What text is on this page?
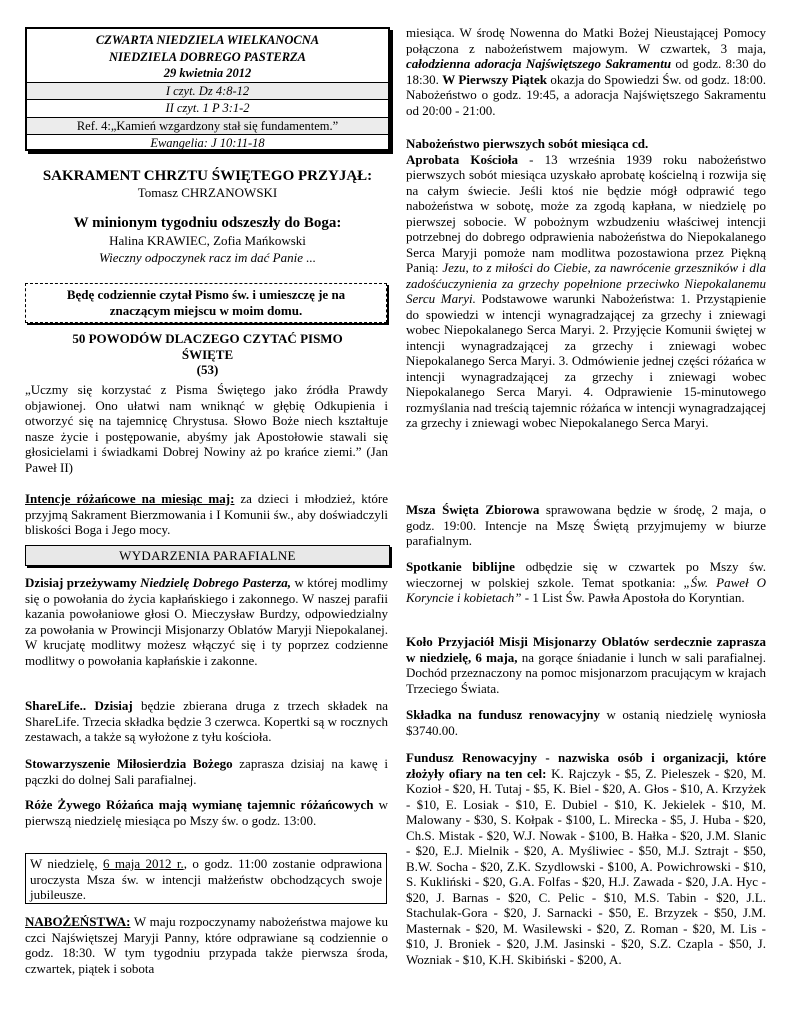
CZWARTA NIEDZIELA WIELKANOCNA
NIEDZIELA DOBREGO PASTERZA
29 kwietnia 2012
I czyt. Dz 4:8-12
II czyt. 1 P 3:1-2
Ref. 4:„Kamień wzgardzony stał się fundamentem.”
Ewangelia: J 10:11-18
SAKRAMENT CHRZTU ŚWIĘTEGO PRZYJĄŁ:
Tomasz CHRZANOWSKI
W minionym tygodniu odszeszły do Boga:
Halina KRAWIEC, Zofia Mańkowski
Wieczny odpoczynek racz im dać Panie ...
Będę codziennie czytał Pismo św. i umieszczę je na
znaczącym miejscu w moim domu.
50 POWODÓW DLACZEGO CZYTAĆ PISMO
ŚWIĘTE
(53)

„Uczmy się korzystać z Pisma Świętego jako źródła Prawdy objawionej. Ono ułatwi nam wniknąć w głębię Odkupienia i otworzyć się na tajemnicę Chrystusa. Słowo Boże niech kształtuje nasze życie i postępowanie, abyśmy jak Apostołowie stawali się głosicielami i świadkami Dobrej Nowiny aż po krańce ziemi.” (Jan Paweł II)

Intencje różańcowe na miesiąc maj: za dzieci i młodzież, które przyjmą Sakrament Bierzmowania i I Komunii św., aby doświadczyli bliskości Boga i Jego mocy.

WYDARZENIA PARAFIALNE

Dzisiaj przeżywamy Niedzielę Dobrego Pasterza, w której modlimy się o powołania do życia kapłańskiego i zakonnego. W naszej parafii kazania powołaniowe głosi O. Mieczysław Burdzy, odpowiedzialny za powołania w Prowincji Misjonarzy Oblatów Maryji Niepokalanej. W krucjatę modlitwy możesz włączyć się i ty poprzez codzienne modlitwy o powołania kapłańskie i zakonne.

ShareLife.. Dzisiaj będzie zbierana druga z trzech składek na ShareLife. Trzecia składka będzie 3 czerwca. Kopertki są w rocznych zestawach, a także są wyłożone z tyłu kościoła.

Stowarzyszenie Miłosierdzia Bożego zaprasza dzisiaj na kawę i pączki do dolnej Sali parafialnej.

Róże Żywego Różańca mają wymianę tajemnic różańcowych w pierwszą niedzielę miesiąca po Mszy św. o godz. 13:00.

W niedzielę, 6 maja 2012 r., o godz. 11:00 zostanie odprawiona uroczysta Msza św. w intencji małżeństw obchodzących swoje jubileusze.

NABOŻEŃSTWA: W maju rozpoczynamy nabożeństwa majowe ku czci Najświętszej Maryji Panny, które odprawiane są codziennie o godz. 18:30. W tym tygodniu przypada także pierwsza środa, czwartek, piątek i sobota

miesiąca. W środę Nowenna do Matki Bożej Nieustającej Pomocy połączona z nabożeństwem majowym. W czwartek, 3 maja, całodzienna adoracja Najświętszego Sakramentu od godz. 8:30 do 18:30. W Pierwszy Piątek okazja do Spowiedzi Św. od godz. 18:00. Nabożeństwo o godz. 19:45, a adoracja Najświętszego Sakramentu od 20:00 - 21:00.

Nabożeństwo pierwszych sobót miesiąca cd.
Aprobata Kościoła - 13 września 1939 roku nabożeństwo pierwszych sobót miesiąca uzyskało aprobatę kościelną i rozwija się na całym świecie. Jeśli ktoś nie będzie mógł odprawić tego nabożeństwa w sobotę, może za zgodą kapłana, w niedzielę po pierwszej sobocie. W pobożnym wzbudzeniu właściwej intencji potrzebnej do dobrego odprawienia nabożeństwa do Niepokalanego Serca Maryji pomoże nam modlitwa pozostawiona przez Piękną Panią: Jezu, to z miłości do Ciebie, za nawrócenie grzeszników i dla zadośćuczynienia za grzechy popełnione przeciwko Niepokalanemu Sercu Maryi. Podstawowe warunki Nabożeństwa: 1. Przystąpienie do spowiedzi w intencji wynagradzającej za grzechy i zniewagi wobec Niepokalanego Serca Maryi. 2. Przyjęcie Komunii świętej w intencji wynagradzającej za grzechy i zniewagi wobec Niepokalanego Serca Maryi. 3. Odmówienie jednej części różańca w intencji wynagradzającej za grzechy i zniewagi wobec Niepokalanego Serca Maryi. 4. Odprawienie 15-minutowego rozmyślania nad treścią tajemnic różańca w intencji wynagradzającej za grzechy i zniewagi wobec Niepokalanego Serca Maryi.

Msza Święta Zbiorowa sprawowana będzie w środę, 2 maja, o godz. 19:00. Intencje na Mszę Świętą przyjmujemy w biurze parafialnym.

Spotkanie biblijne odbędzie się w czwartek po Mszy św. wieczornej w polskiej szkole. Temat spotkania: „Św. Paweł O Koryncie i kobietach” - 1 List Św. Pawła Apostoła do Koryntian.

Koło Przyjaciół Misji Misjonarzy Oblatów serdecznie zaprasza w niedzielę, 6 maja, na gorące śniadanie i lunch w sali parafialnej. Dochód przeznaczony na pomoc misjonarzom pracującym w krajach Trzeciego Świata.

Składka na fundusz renowacyjny w ostanią niedzielę wyniosła $3740.00.

Fundusz Renowacyjny - nazwiska osób i organizacji, które złożyły ofiary na ten cel: K. Rajczyk - $5, Z. Pieleszek - $20, M. Kozioł - $20, H. Tutaj - $5, K. Biel - $20, A. Głos - $10, A. Krzyżek - $10, E. Losiak - $10, E. Dubiel - $10, K. Jekielek - $10, M. Malowany - $30, S. Kołpak - $100, L. Mirecka - $5, J. Huba - $20, Ch.S. Mistak - $20, W.J. Nowak - $100, B. Hałka - $20, J.M. Slanic - $20, E.J. Mielnik - $20, A. Myśliwiec - $50, M.J. Sztrajt - $50, B.W. Socha - $20, Z.K. Szydlowski - $100, A. Powichrowski - $10, S. Kukliński - $20, G.A. Folfas - $20, H.J. Zawada - $20, J.A. Hyc - $20, J. Barnas - $20, C. Pelic - $10, M.S. Tabin - $20, J.L. Stachulak-Gora - $20, J. Sarnacki - $50, E. Brzyzek - $50, J.M. Masternak - $20, M. Wasilewski - $20, Z. Roman - $20, M. Lis - $10, J. Broniek - $20, J.M. Jasinski - $20, S.Z. Czapla - $50, J. Wozniak - $10, K.H. Skibiński - $200, A.
